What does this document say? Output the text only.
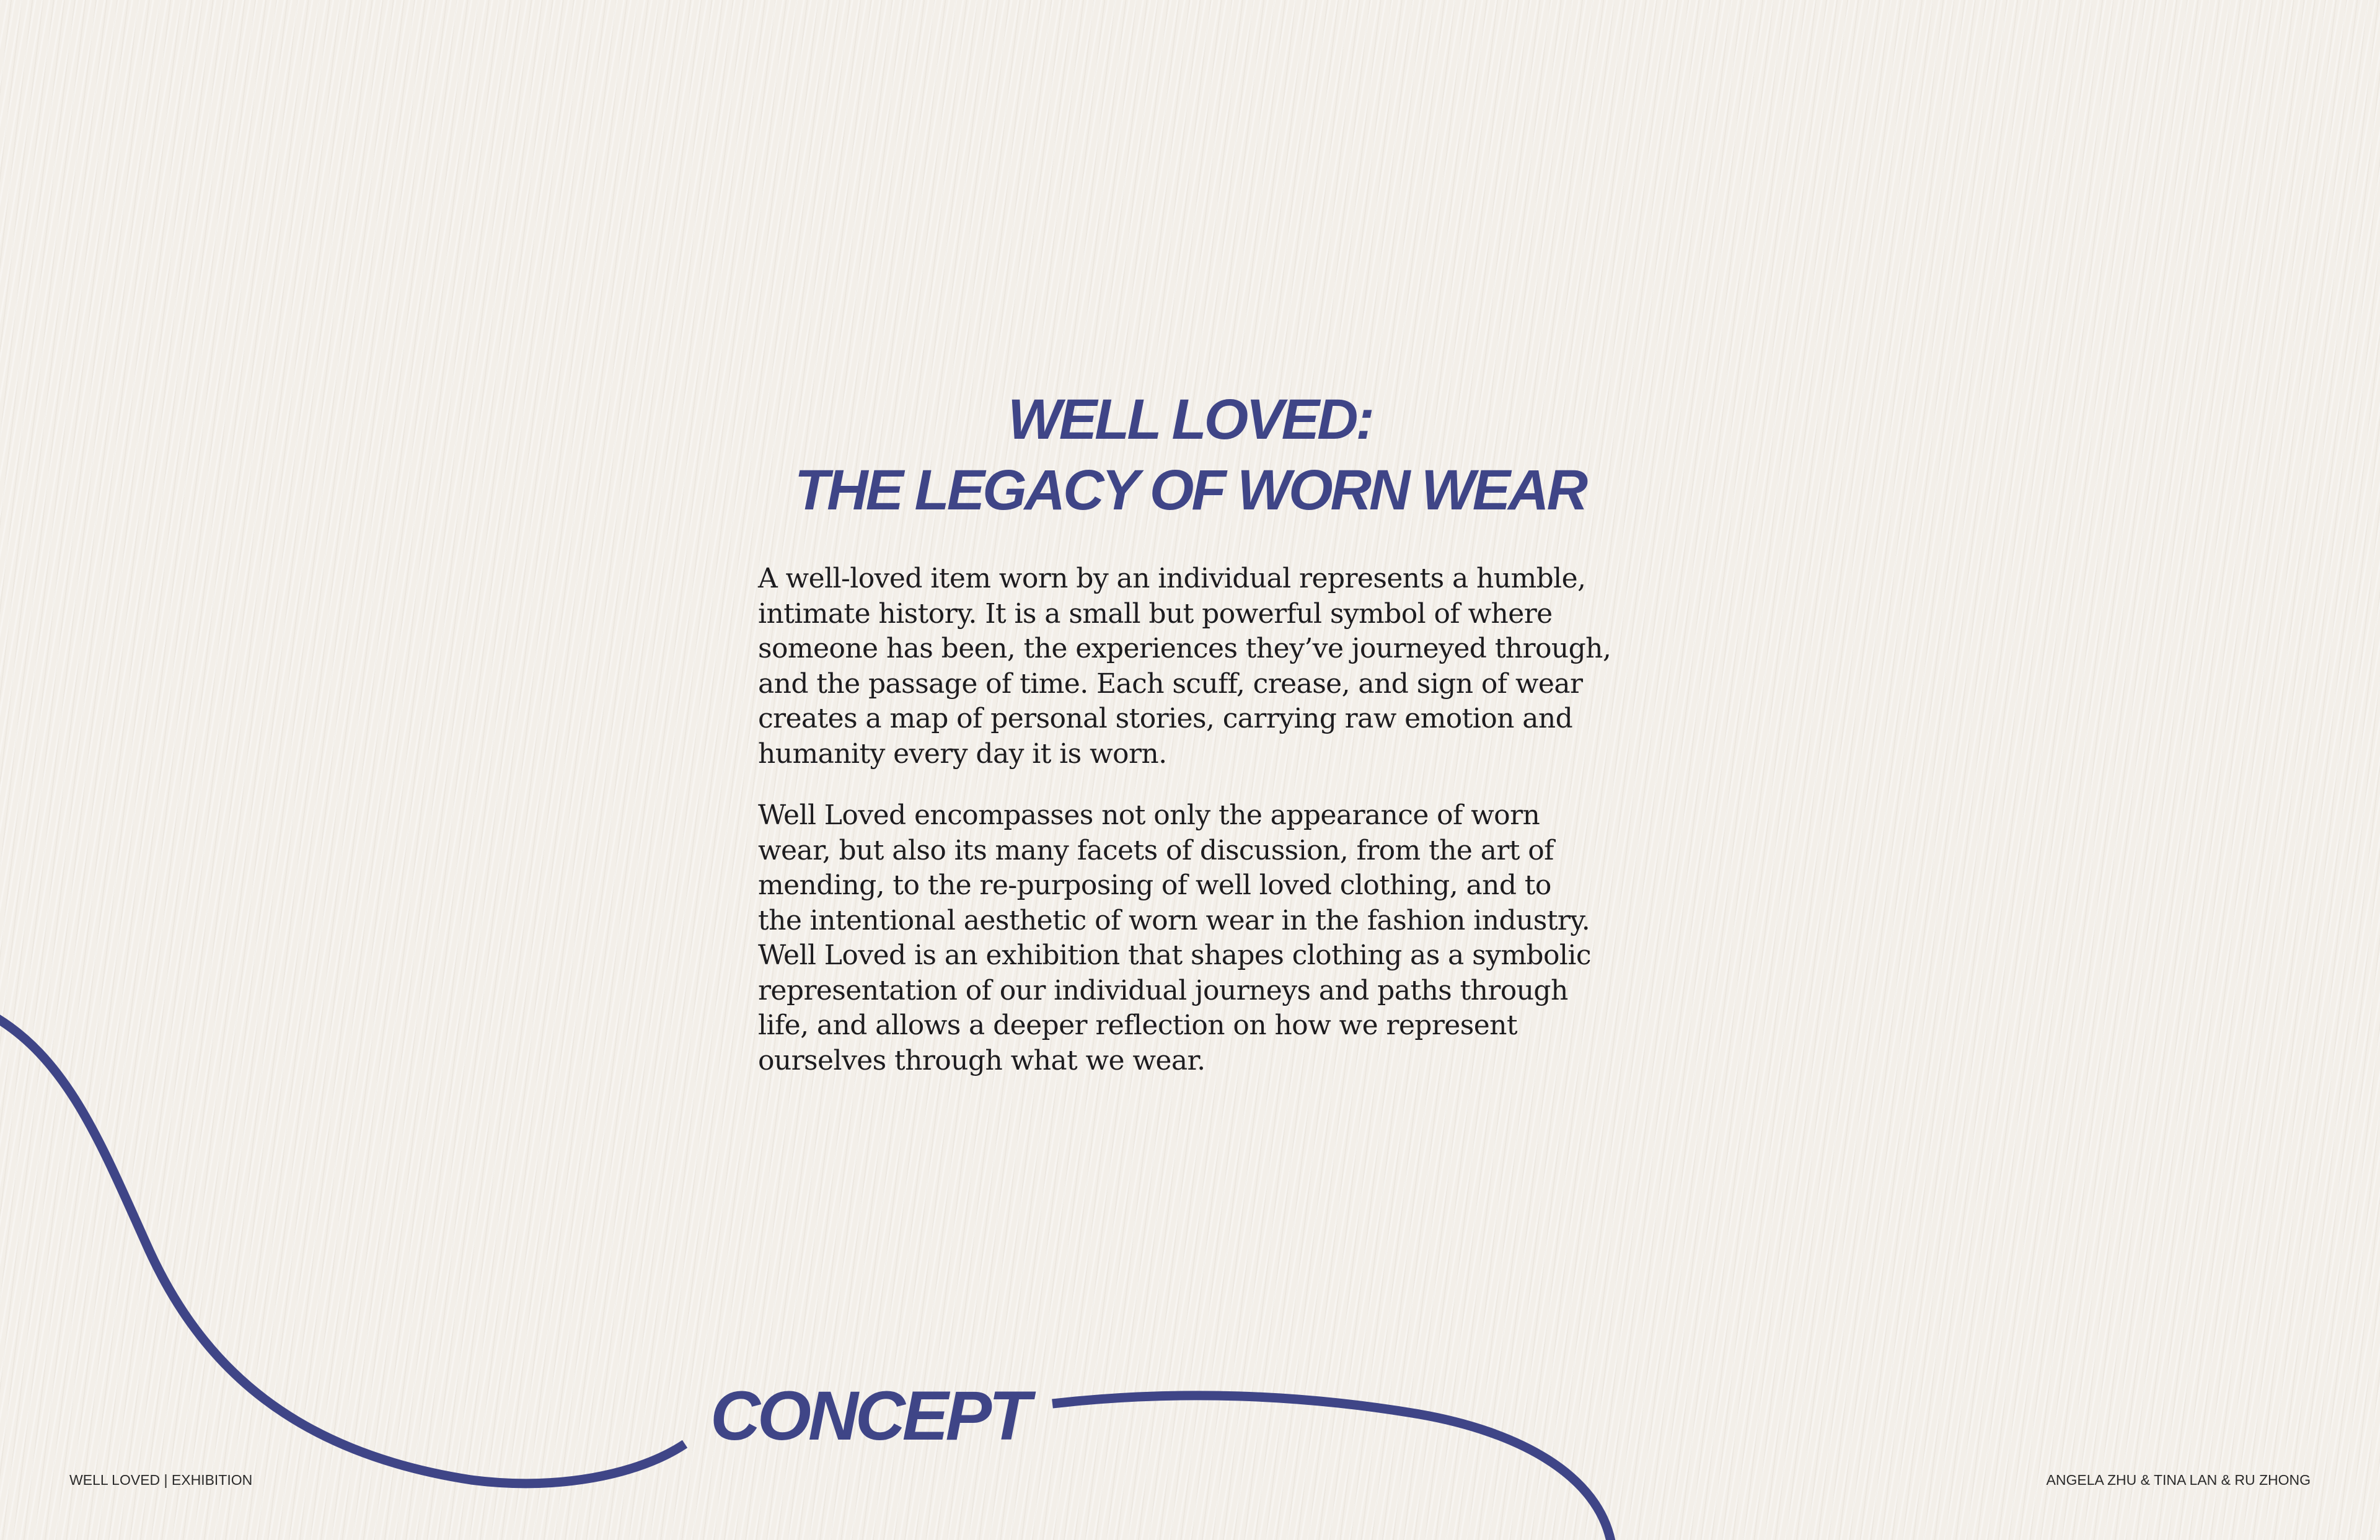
WELL LOVED:
THE LEGACY OF WORN WEAR

A well-loved item worn by an individual represents a humble,
intimate history. It is a small but powerful symbol of where
someone has been, the experiences they’ve journeyed through,
and the passage of time. Each scuff, crease, and sign of wear
creates a map of personal stories, carrying raw emotion and
humanity every day it is worn.

Well Loved encompasses not only the appearance of worn
wear, but also its many facets of discussion, from the art of
mending, to the re-purposing of well loved clothing, and to
the intentional aesthetic of worn wear in the fashion industry.
Well Loved is an exhibition that shapes clothing as a symbolic
representation of our individual journeys and paths through
life, and allows a deeper reflection on how we represent
ourselves through what we wear.

CONCEPT
WELL LOVED | EXHIBITION	ANGELA ZHU & TINA LAN & RU ZHONG
